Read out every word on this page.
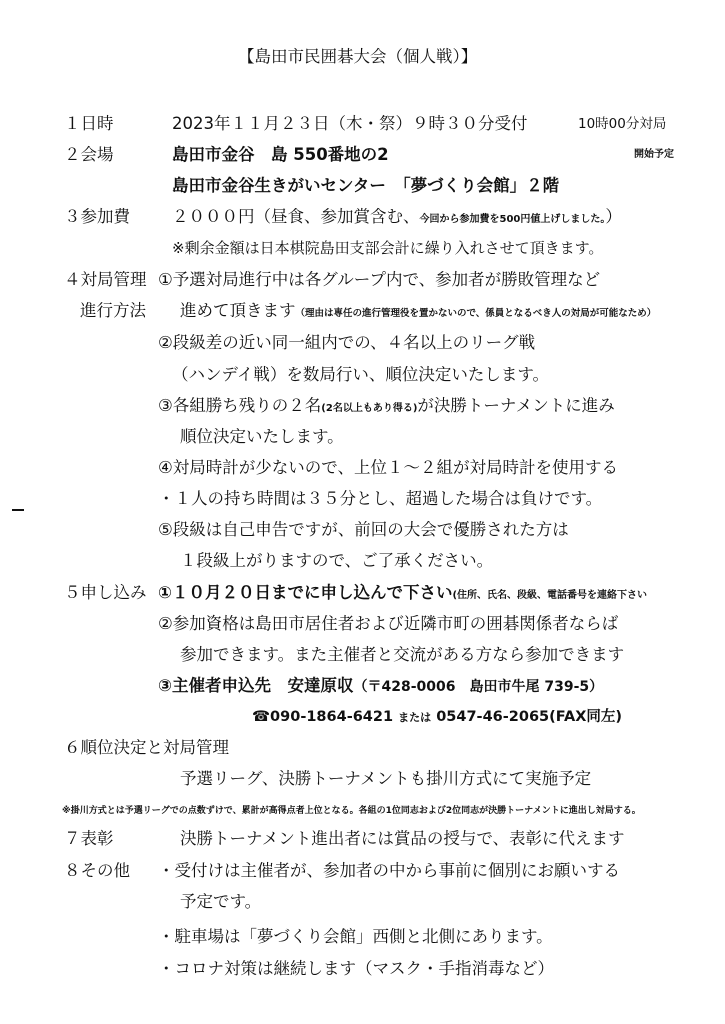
【島田市民囲碁大会（個人戦）】
１日時	2023年１１月２３日（木・祭）９時３０分受付	10時00分対局
開始予定
２会場	島田市金谷　島 550番地の2
島田市金谷生きがいセンター　「夢づくり会館」２階
３参加費	２０００円（昼食、参加賞含む、今回から参加費を500円値上げしました。）
※剰余金額は日本棋院島田支部会計に繰り入れさせて頂きます。
４対局管理 ①予選対局進行中は各グループ内で、参加者が勝敗管理など
進行方法 進めて頂きます（理由は専任の進行管理役を置かないので、係員となるべき人の対局が可能なため）
②段級差の近い同一組内での、４名以上のリーグ戦
（ハンデイ戦）を数局行い、順位決定いたします。
③各組勝ち残りの２名(2名以上もあり得る)が決勝トーナメントに進み
順位決定いたします。
④対局時計が少ないので、上位１～２組が対局時計を使用する
・１人の持ち時間は３５分とし、超過した場合は負けです。
⑤段級は自己申告ですが、前回の大会で優勝された方は
１段級上がりますので、ご了承ください。
５申し込み ①１０月２０日までに申し込んで下さい(住所、氏名、段級、電話番号を連絡下さい
②参加資格は島田市居住者および近隣市町の囲碁関係者ならば
参加できます。また主催者と交流がある方なら参加できます
③主催者申込先　安達原収（〒428-0006　島田市牛尾 739-5）
☎090-1864-6421 または 0547-46-2065(FAX同左)
６順位決定と対局管理
予選リーグ、決勝トーナメントも掛川方式にて実施予定
※掛川方式とは予選リーグでの点数ずけで、累計が高得点者上位となる。各組の1位同志および2位同志が決勝トーナメントに進出し対局する。
７表彰	決勝トーナメント進出者には賞品の授与で、表彰に代えます
８その他 ・受付けは主催者が、参加者の中から事前に個別にお願いする
予定です。
・駐車場は「夢づくり会館」西側と北側にあります。
・コロナ対策は継続します（マスク・手指消毒など）
